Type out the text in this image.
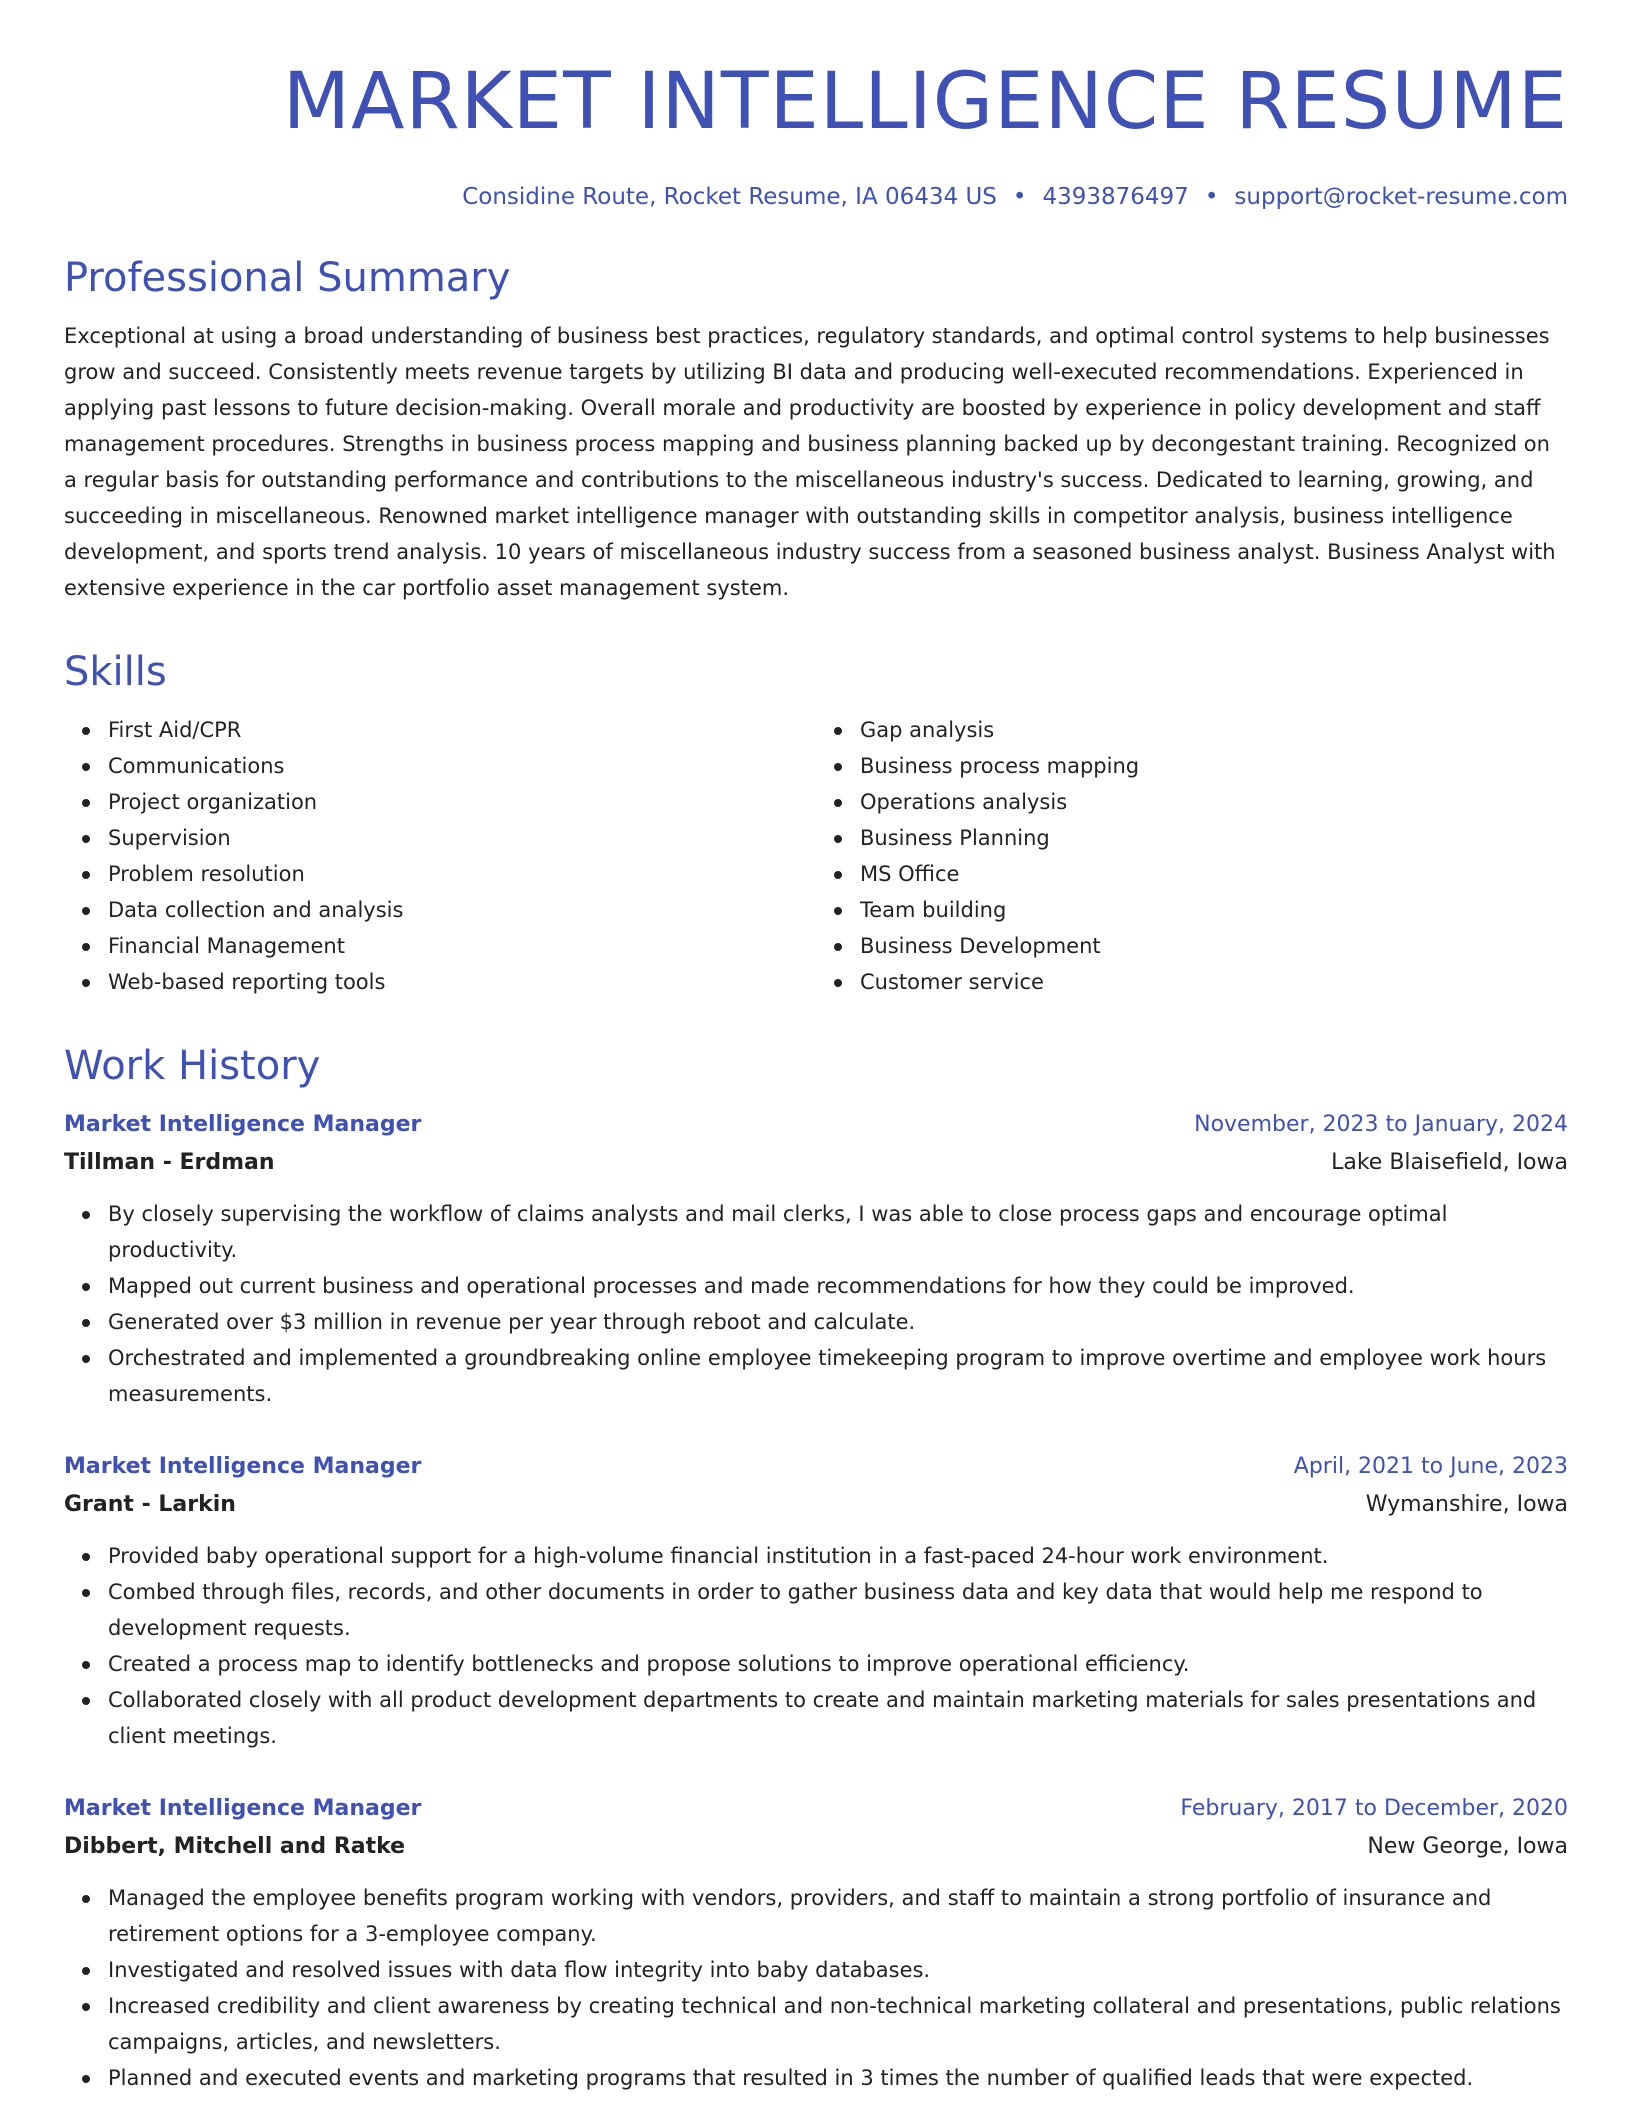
MARKET INTELLIGENCE RESUME
Considine Route, Rocket Resume, IA 06434 US • 4393876497 • support@rocket-resume.com
Professional Summary
Exceptional at using a broad understanding of business best practices, regulatory standards, and optimal control systems to help businesses grow and succeed. Consistently meets revenue targets by utilizing BI data and producing well-executed recommendations. Experienced in applying past lessons to future decision-making. Overall morale and productivity are boosted by experience in policy development and staff management procedures. Strengths in business process mapping and business planning backed up by decongestant training. Recognized on a regular basis for outstanding performance and contributions to the miscellaneous industry's success. Dedicated to learning, growing, and succeeding in miscellaneous. Renowned market intelligence manager with outstanding skills in competitor analysis, business intelligence development, and sports trend analysis. 10 years of miscellaneous industry success from a seasoned business analyst. Business Analyst with extensive experience in the car portfolio asset management system.
Skills
First Aid/CPR
Communications
Project organization
Supervision
Problem resolution
Data collection and analysis
Financial Management
Web-based reporting tools
Gap analysis
Business process mapping
Operations analysis
Business Planning
MS Office
Team building
Business Development
Customer service
Work History
Market Intelligence Manager	November, 2023 to January, 2024
Tillman - Erdman	Lake Blaisefield, Iowa
By closely supervising the workflow of claims analysts and mail clerks, I was able to close process gaps and encourage optimal productivity.
Mapped out current business and operational processes and made recommendations for how they could be improved.
Generated over $3 million in revenue per year through reboot and calculate.
Orchestrated and implemented a groundbreaking online employee timekeeping program to improve overtime and employee work hours measurements.
Market Intelligence Manager	April, 2021 to June, 2023
Grant - Larkin	Wymanshire, Iowa
Provided baby operational support for a high-volume financial institution in a fast-paced 24-hour work environment.
Combed through files, records, and other documents in order to gather business data and key data that would help me respond to development requests.
Created a process map to identify bottlenecks and propose solutions to improve operational efficiency.
Collaborated closely with all product development departments to create and maintain marketing materials for sales presentations and client meetings.
Market Intelligence Manager	February, 2017 to December, 2020
Dibbert, Mitchell and Ratke	New George, Iowa
Managed the employee benefits program working with vendors, providers, and staff to maintain a strong portfolio of insurance and retirement options for a 3-employee company.
Investigated and resolved issues with data flow integrity into baby databases.
Increased credibility and client awareness by creating technical and non-technical marketing collateral and presentations, public relations campaigns, articles, and newsletters.
Planned and executed events and marketing programs that resulted in 3 times the number of qualified leads that were expected.
